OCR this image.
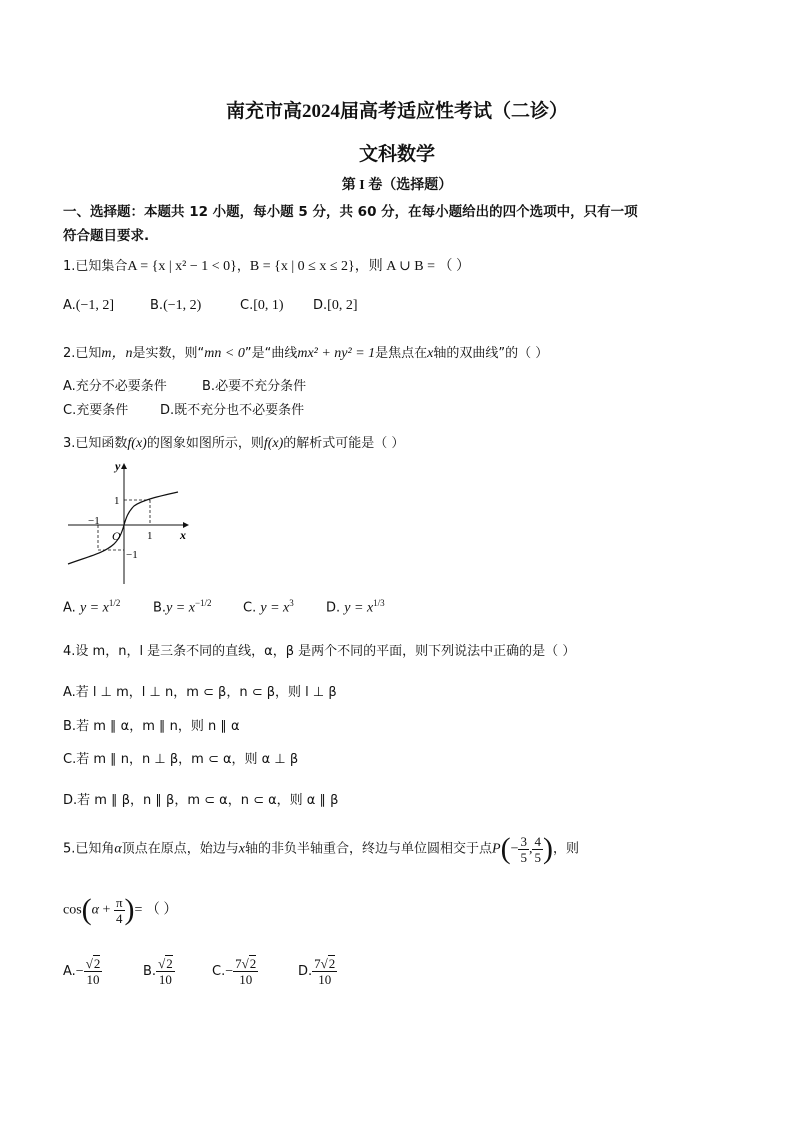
南充市高2024届高考适应性考试（二诊）
文科数学
第 I 卷（选择题）
一、选择题：本题共 12 小题，每小题 5 分，共 60 分，在每小题给出的四个选项中，只有一项
符合题目要求.
1.已知集合A = {x | x² − 1 < 0}，B = {x | 0 ≤ x ≤ 2}，则 A ∪ B = （ ）
A.(−1, 2]	B.(−1, 2)	C.[0, 1) D.[0, 2]
2.已知m，n是实数，则“mn < 0”是“曲线mx² + ny² = 1是焦点在x轴的双曲线”的（ ）
A.充分不必要条件	B.必要不充分条件
C.充要条件 D.既不充分也不必要条件
3.已知函数f(x)的图象如图所示，则f(x)的解析式可能是（ ）
y
x
O
1
1
−1
−1
A. $y = x^{1/2}$	$B.y = x^{-1/2}$ C. $y = x^3$ D. $y = x^{1/3}$
4.设 m，n，l 是三条不同的直线，α，β 是两个不同的平面，则下列说法中正确的是（ ）
A.若 l ⊥ m，l ⊥ n，m ⊂ β，n ⊂ β，则 l ⊥ β
B.若 m ∥ α，m ∥ n，则 n ∥ α
C.若 m ∥ n，n ⊥ β，m ⊂ α，则 α ⊥ β
D.若 m ∥ β，n ∥ β，m ⊂ α，n ⊂ α，则 α ∥ β
5.已知角α顶点在原点，始边与x轴的非负半轴重合，终边与单位圆相交于点$P(- \frac{3}{5}$ , $\frac{4}{5}$ )，则
$\cos(\alpha + \frac{\pi}{4}$ )= （ ）
$A.- \frac{√2}{10}$	B. $\frac{√2}{10}$	$C.- \frac{7√2}{10}$	D. $\frac{7√2}{10}$
